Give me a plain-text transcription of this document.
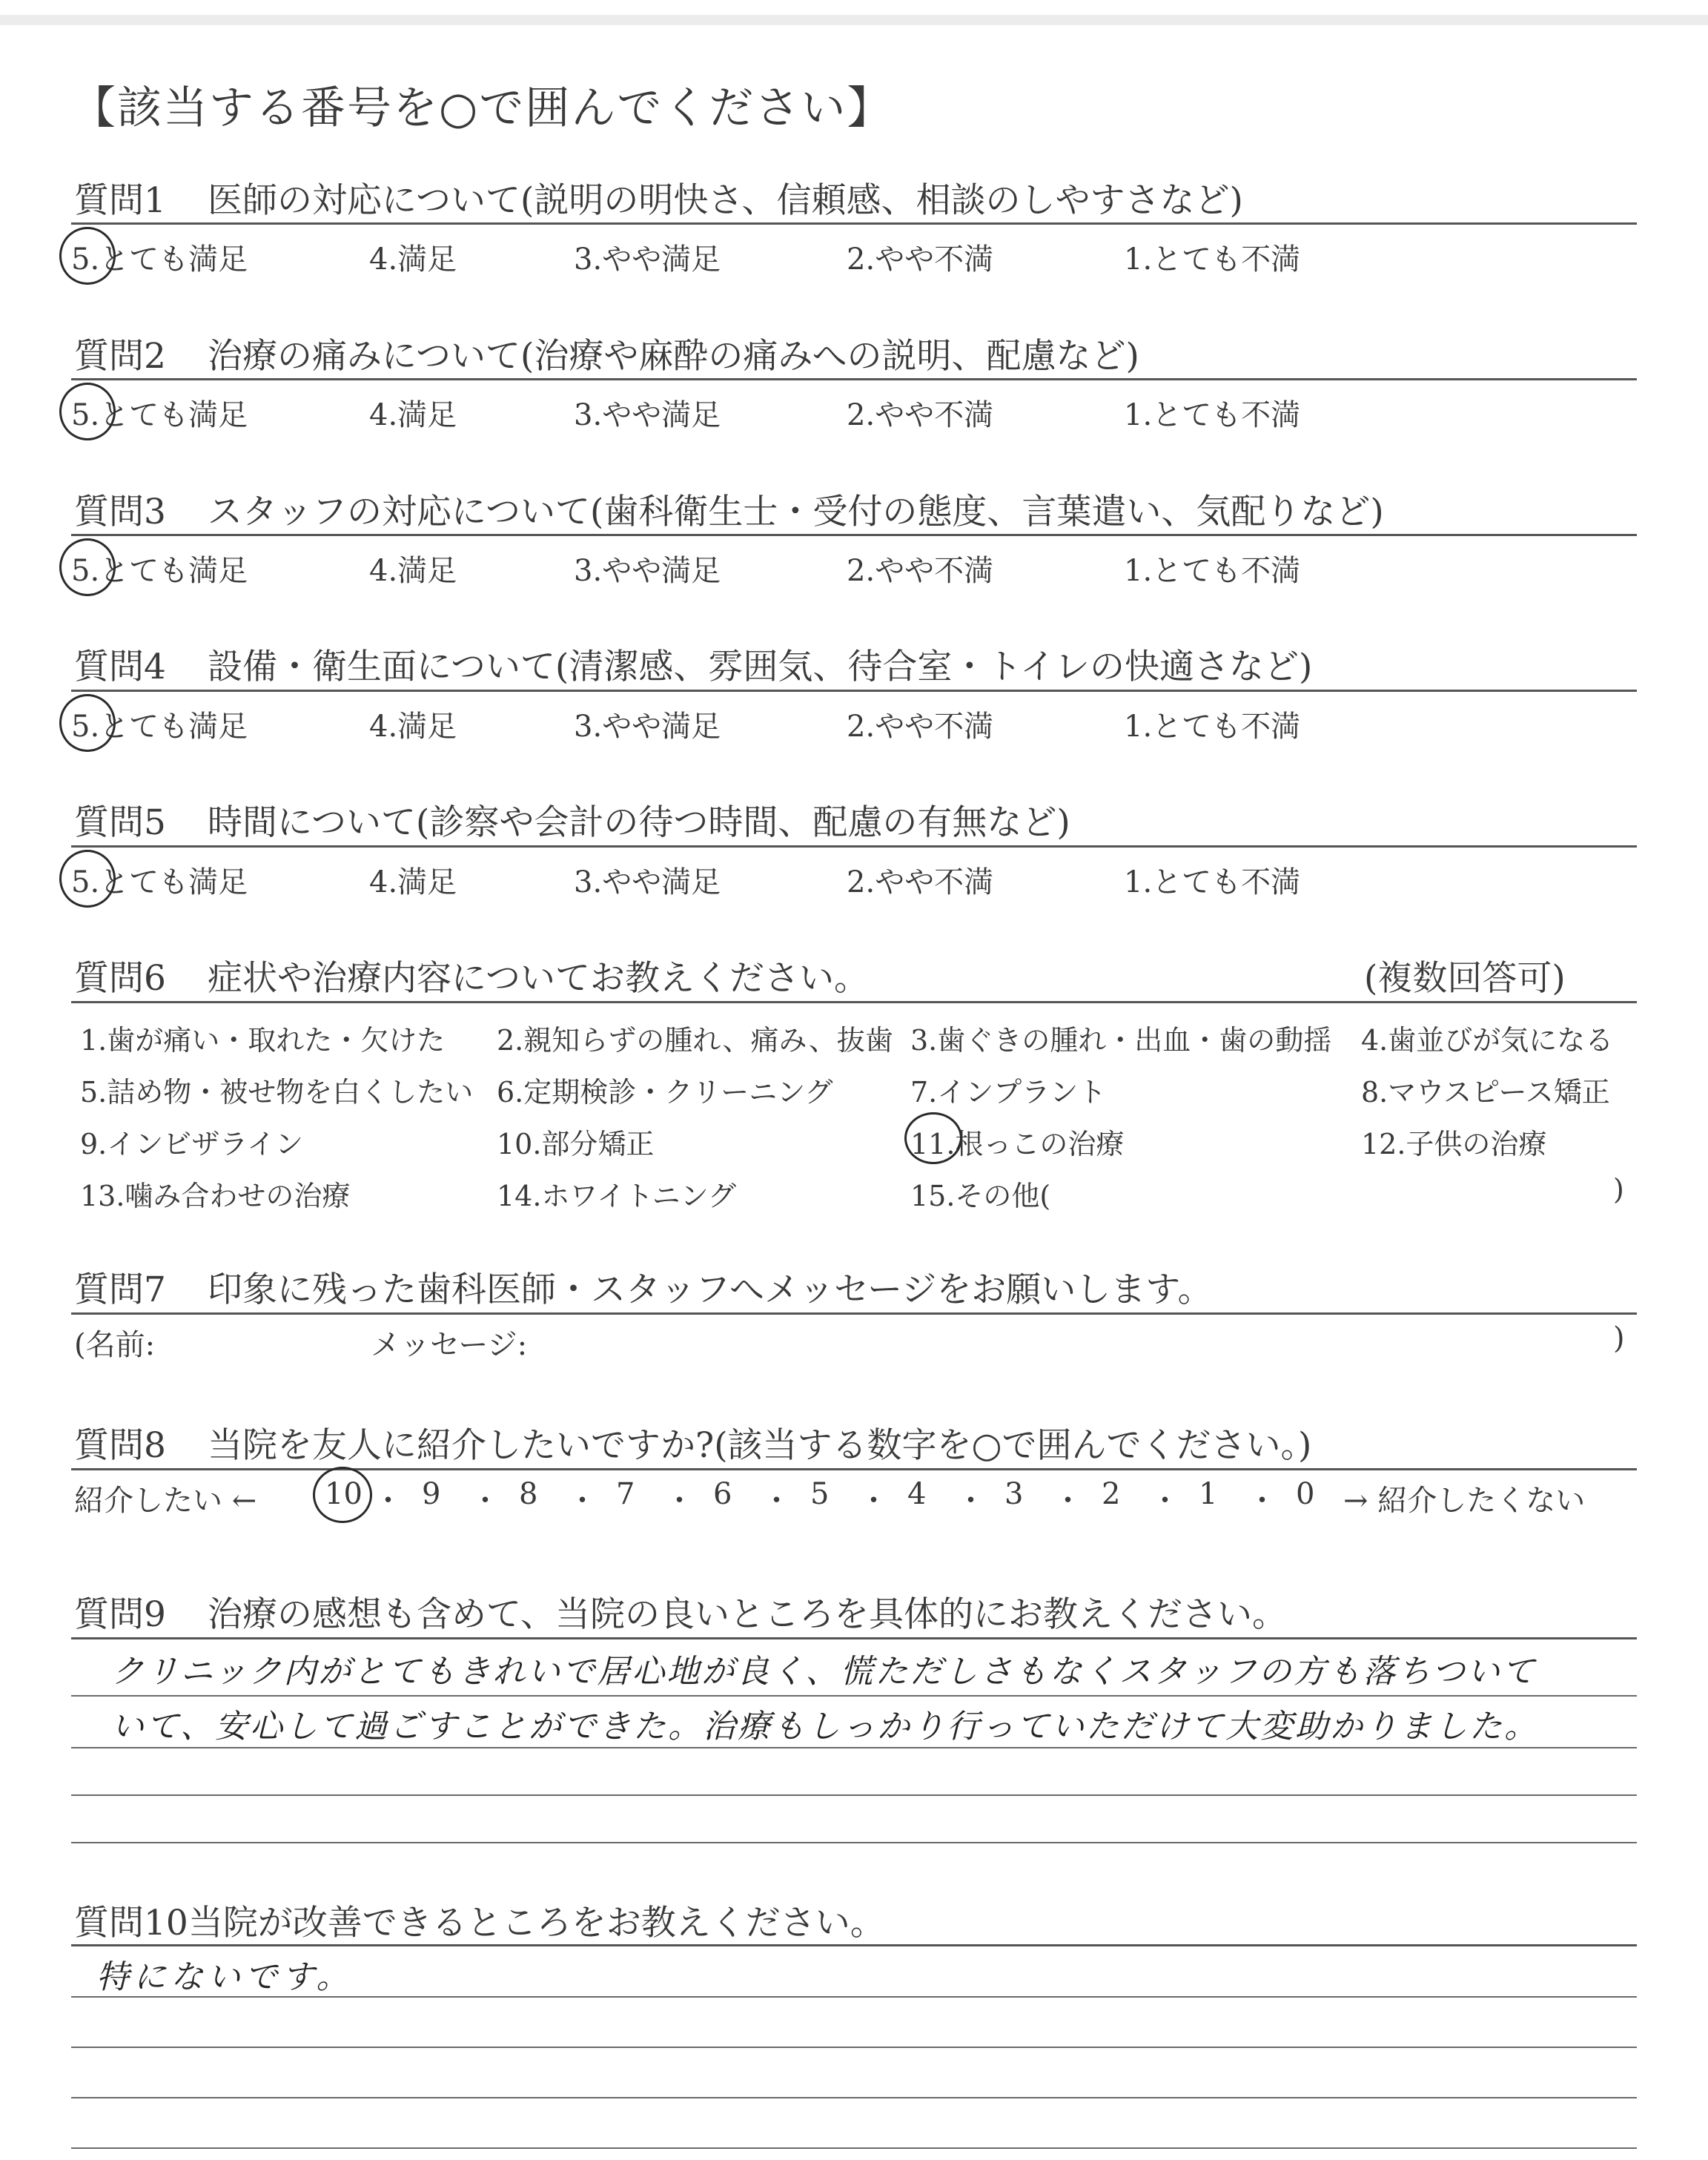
【該当する番号を○で囲んでください】
質問1 医師の対応について(説明の明快さ、信頼感、相談のしやすさなど)
5.とても満足	4.満足	3.やや満足	2.やや不満	1.とても不満
質問2 治療の痛みについて(治療や麻酔の痛みへの説明、配慮など)
5.とても満足	4.満足	3.やや満足	2.やや不満	1.とても不満
質問3 スタッフの対応について(歯科衛生士・受付の態度、言葉遣い、気配りなど)
5.とても満足	4.満足	3.やや満足	2.やや不満	1.とても不満
質問4 設備・衛生面について(清潔感、雰囲気、待合室・トイレの快適さなど)
5.とても満足	4.満足	3.やや満足	2.やや不満	1.とても不満
質問5 時間について(診察や会計の待つ時間、配慮の有無など)
5.とても満足	4.満足	3.やや満足	2.やや不満	1.とても不満
質問6 症状や治療内容についてお教えください。	(複数回答可)
1.歯が痛い・取れた・欠けた 2.親知らずの腫れ、痛み、抜歯 3.歯ぐきの腫れ・出血・歯の動揺 4.歯並びが気になる
5.詰め物・被せ物を白くしたい 6.定期検診・クリーニング	7.インプラント	8.マウスピース矯正
9.インビザライン	10.部分矯正	11.根っこの治療	12.子供の治療
13.噛み合わせの治療	14.ホワイトニング	15.その他(	)
質問7 印象に残った歯科医師・スタッフへメッセージをお願いします。
(名前:	メッセージ:	)
質問8 当院を友人に紹介したいですか?(該当する数字を○で囲んでください。)
紹介したい ← 10 ・ 9 ・ 8 ・ 7 ・ 6 ・ 5 ・ 4 ・ 3 ・ 2 ・ 1 ・ 0 → 紹介したくない
質問9 治療の感想も含めて、当院の良いところを具体的にお教えください。
クリニック内がとてもきれいで居心地が良く、慌ただしさもなくスタッフの方も落ちついて
いて、安心して過ごすことができた。治療もしっかり行っていただけて大変助かりました。
質問10当院が改善できるところをお教えください。
特にないです。
